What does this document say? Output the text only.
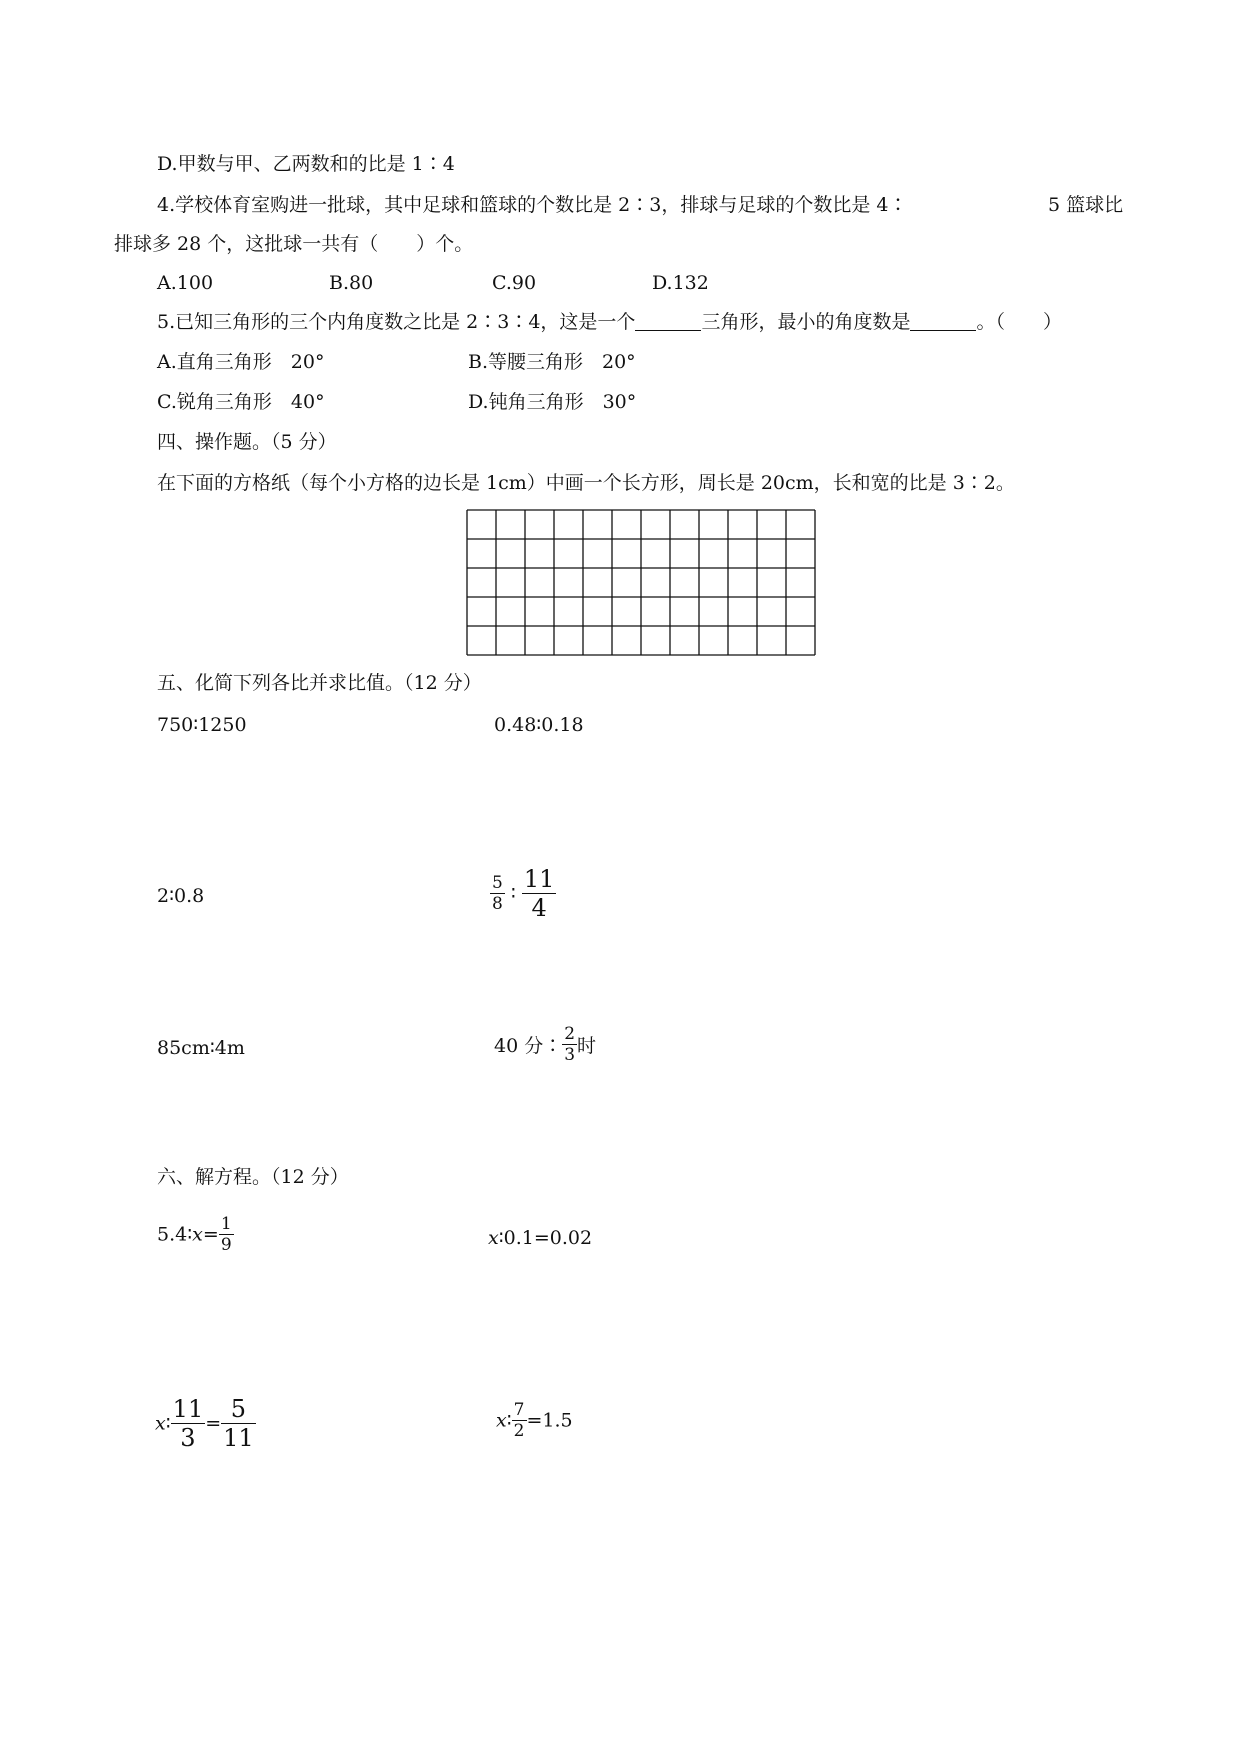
D.甲数与甲、乙两数和的比是 1∶4
4.学校体育室购进一批球，其中足球和篮球的个数比是 2∶3，排球与足球的个数比是 4∶	5 篮球比
排球多 28 个，这批球一共有（　　）个。
A.100	B.80	C.90	D.132
5.已知三角形的三个内角度数之比是 2∶3∶4，这是一个	三角形，最小的角度数是	。（　　）
A.直角三角形　20°	B.等腰三角形　20°
C.锐角三角形　40°	D.钝角三角形　30°
四、操作题。（5 分）
在下面的方格纸（每个小方格的边长是 1cm）中画一个长方形，周长是 20cm，长和宽的比是 3∶2。
五、化简下列各比并求比值。（12 分）
750∶1250	0.48∶0.18
2∶0.8	$\frac{5}{8}$ ∶ $\frac{11}{4}$
85cm∶4m	40 分∶ $\frac{2}{3}$ 时
六、解方程。（12 分）
5.4∶x= $\frac{1}{9}$	x∶0.1=0.02
x∶ $\frac{11}{3} = \frac{5}{11}$	x∶ $\frac{7}{2} =1.5$
